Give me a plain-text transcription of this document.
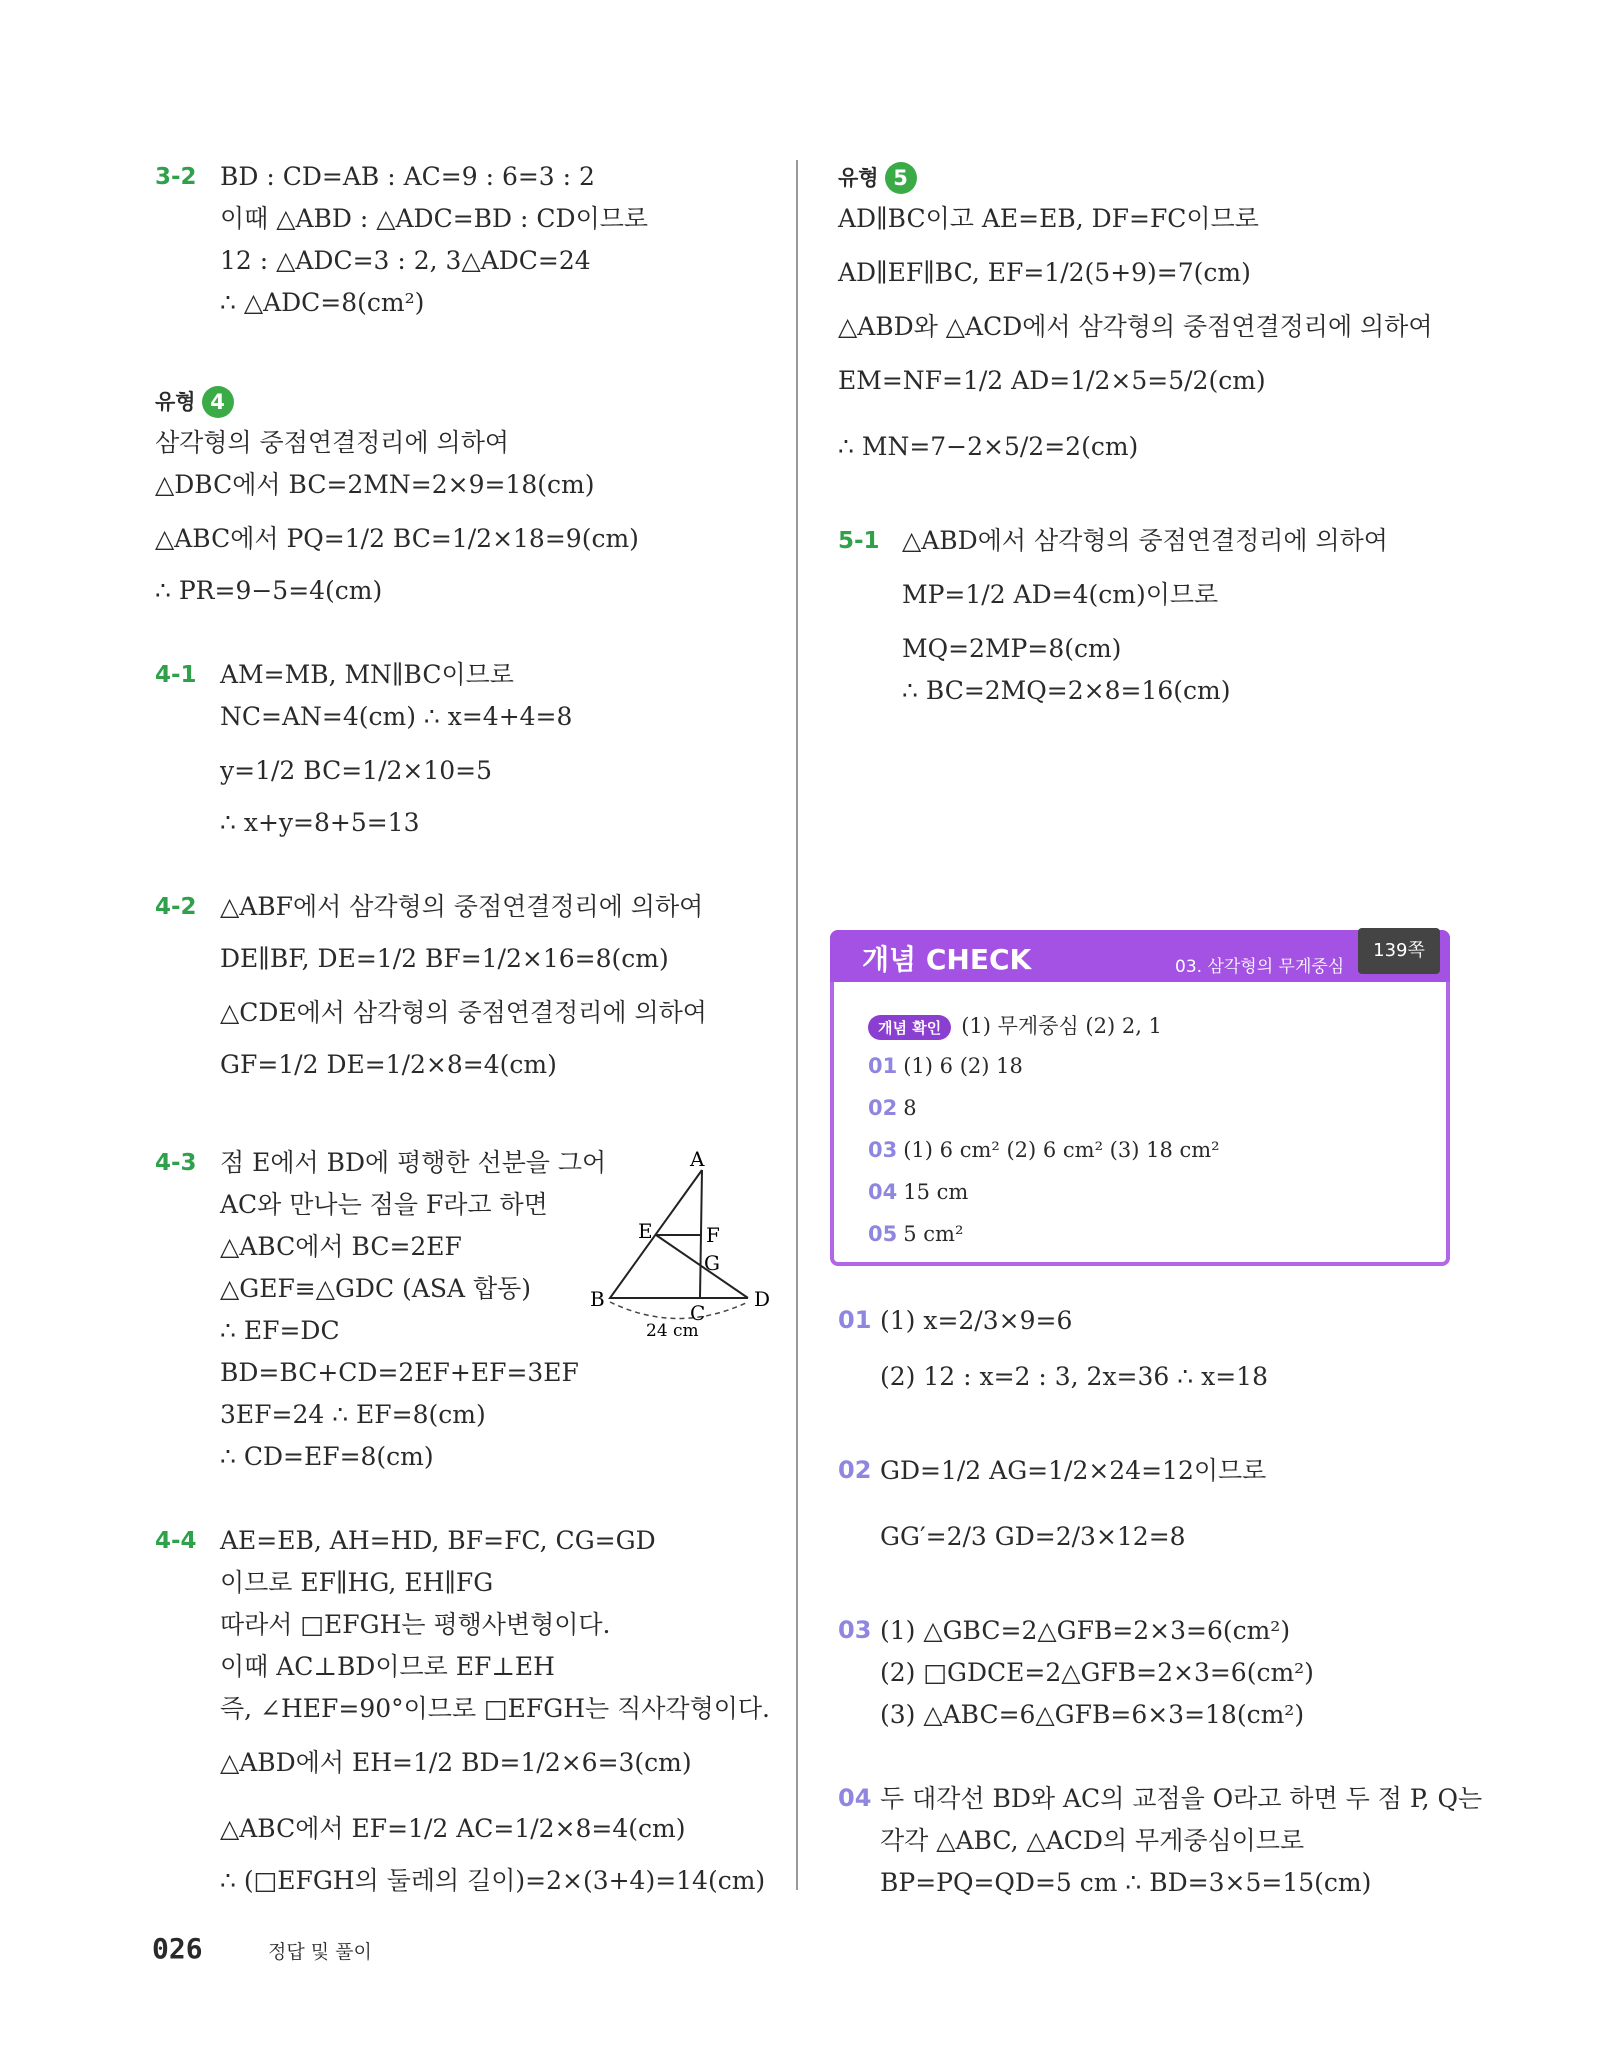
3-2 BD : CD=AB : AC=9 : 6=3 : 2
이때 △ABD : △ADC=BD : CD이므로
12 : △ADC=3 : 2, 3△ADC=24
∴ △ADC=8(cm²)
유형 4
삼각형의 중점연결정리에 의하여
△DBC에서 BC=2MN=2×9=18(cm)
△ABC에서 PQ=1/2 BC=1/2×18=9(cm)
∴ PR=9−5=4(cm)
4-1 AM=MB, MN∥BC이므로
NC=AN=4(cm) ∴ x=4+4=8
y=1/2 BC=1/2×10=5
∴ x+y=8+5=13
4-2 △ABF에서 삼각형의 중점연결정리에 의하여
DE∥BF, DE=1/2 BF=1/2×16=8(cm)
△CDE에서 삼각형의 중점연결정리에 의하여
GF=1/2 DE=1/2×8=4(cm)
4-3 점 E에서 BD에 평행한 선분을 그어
AC와 만나는 점을 F라고 하면
△ABC에서 BC=2EF
△GEF≡△GDC (ASA 합동)
∴ EF=DC
BD=BC+CD=2EF+EF=3EF
3EF=24 ∴ EF=8(cm)
∴ CD=EF=8(cm)
A
B
C
D
E	F
G
24 cm
4-4 AE=EB, AH=HD, BF=FC, CG=GD
이므로 EF∥HG, EH∥FG
따라서 □EFGH는 평행사변형이다.
이때 AC⊥BD이므로 EF⊥EH
즉, ∠HEF=90°이므로 □EFGH는 직사각형이다.
△ABD에서 EH=1/2 BD=1/2×6=3(cm)
△ABC에서 EF=1/2 AC=1/2×8=4(cm)
∴ (□EFGH의 둘레의 길이)=2×(3+4)=14(cm)
유형 5
AD∥BC이고 AE=EB, DF=FC이므로
AD∥EF∥BC, EF=1/2(5+9)=7(cm)
△ABD와 △ACD에서 삼각형의 중점연결정리에 의하여
EM=NF=1/2 AD=1/2×5=5/2(cm)
∴ MN=7−2×5/2=2(cm)
5-1 △ABD에서 삼각형의 중점연결정리에 의하여
MP=1/2 AD=4(cm)이므로
MQ=2MP=8(cm)
∴ BC=2MQ=2×8=16(cm)
개념 CHECK	03. 삼각형의 무게중심
139쪽
개념 확인 (1) 무게중심 (2) 2, 1
01 (1) 6 (2) 18
02 8
03 (1) 6 cm² (2) 6 cm² (3) 18 cm²
04 15 cm
05 5 cm²
01 (1) x=2/3×9=6
(2) 12 : x=2 : 3, 2x=36 ∴ x=18
02 GD=1/2 AG=1/2×24=12이므로
GG′=2/3 GD=2/3×12=8
03 (1) △GBC=2△GFB=2×3=6(cm²)
(2) □GDCE=2△GFB=2×3=6(cm²)
(3) △ABC=6△GFB=6×3=18(cm²)
04 두 대각선 BD와 AC의 교점을 O라고 하면 두 점 P, Q는
각각 △ABC, △ACD의 무게중심이므로
BP=PQ=QD=5 cm ∴ BD=3×5=15(cm)
026	정답 및 풀이
